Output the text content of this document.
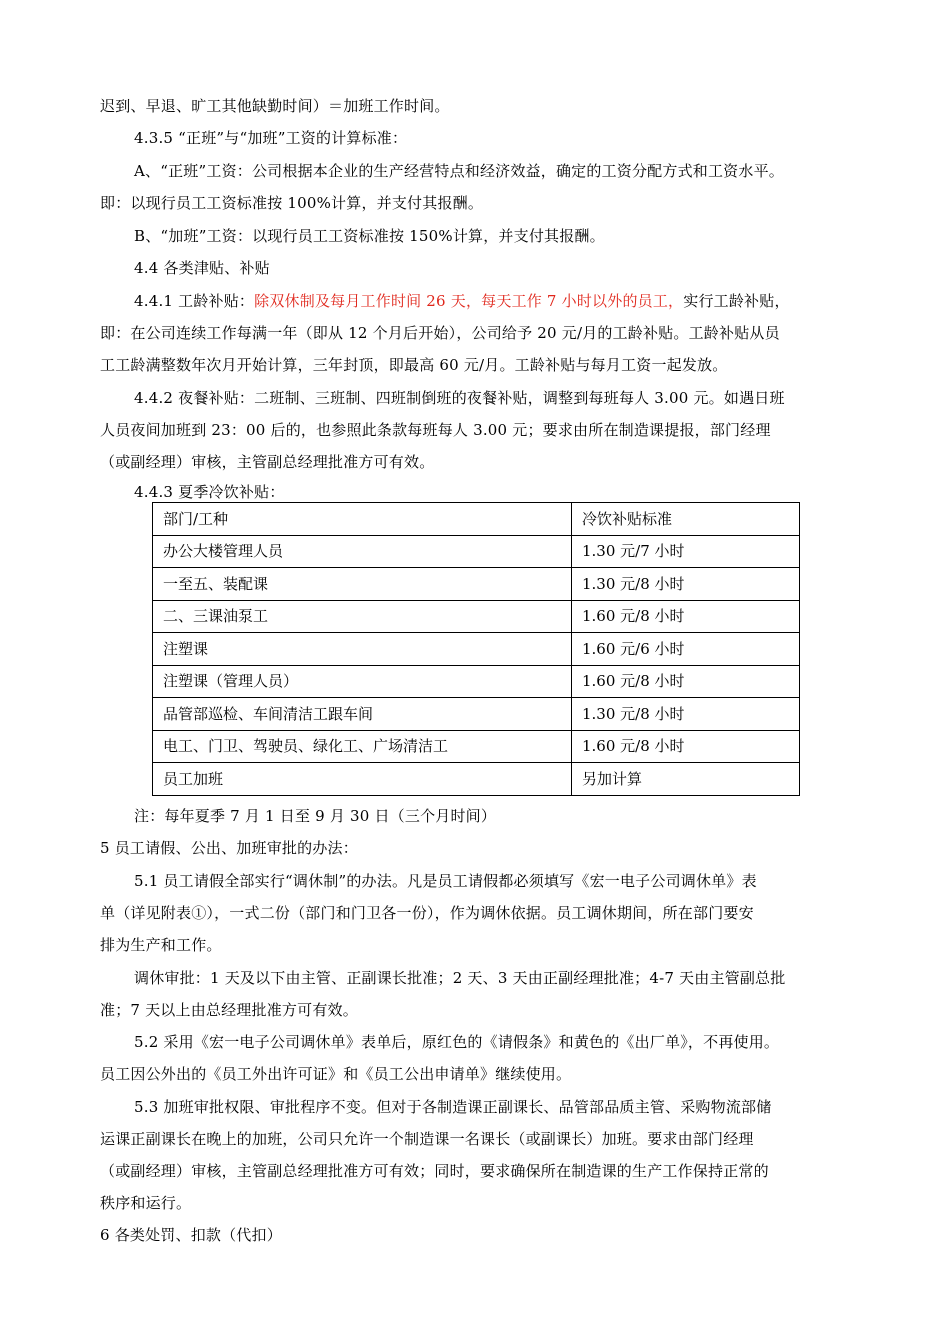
迟到、早退、旷工其他缺勤时间）＝加班工作时间。
4.3.5 “正班”与“加班”工资的计算标准：
A、“正班”工资：公司根据本企业的生产经营特点和经济效益，确定的工资分配方式和工资水平。
即：以现行员工工资标准按 100%计算，并支付其报酬。
B、“加班”工资：以现行员工工资标准按 150%计算，并支付其报酬。
4.4 各类津贴、补贴
4.4.1 工龄补贴：除双休制及每月工作时间 26 天，每天工作 7 小时以外的员工，实行工龄补贴，
即：在公司连续工作每满一年（即从 12 个月后开始），公司给予 20 元/月的工龄补贴。工龄补贴从员
工工龄满整数年次月开始计算，三年封顶，即最高 60 元/月。工龄补贴与每月工资一起发放。
4.4.2 夜餐补贴：二班制、三班制、四班制倒班的夜餐补贴，调整到每班每人 3.00 元。如遇日班
人员夜间加班到 23：00 后的，也参照此条款每班每人 3.00 元；要求由所在制造课提报，部门经理
（或副经理）审核，主管副总经理批准方可有效。
4.4.3 夏季冷饮补贴：
部门/工种	冷饮补贴标准
办公大楼管理人员	1.30 元/7 小时
一至五、装配课	1.30 元/8 小时
二、三课油泵工	1.60 元/8 小时
注塑课	1.60 元/6 小时
注塑课（管理人员）	1.60 元/8 小时
品管部巡检、车间清洁工跟车间	1.30 元/8 小时
电工、门卫、驾驶员、绿化工、广场清洁工	1.60 元/8 小时
员工加班	另加计算
注：每年夏季 7 月 1 日至 9 月 30 日（三个月时间）
5 员工请假、公出、加班审批的办法：
5.1 员工请假全部实行“调休制”的办法。凡是员工请假都必须填写《宏一电子公司调休单》表
单（详见附表①），一式二份（部门和门卫各一份），作为调休依据。员工调休期间，所在部门要安
排为生产和工作。
调休审批：1 天及以下由主管、正副课长批准；2 天、3 天由正副经理批准；4-7 天由主管副总批
准；7 天以上由总经理批准方可有效。
5.2 采用《宏一电子公司调休单》表单后，原红色的《请假条》和黄色的《出厂单》，不再使用。
员工因公外出的《员工外出许可证》和《员工公出申请单》继续使用。
5.3 加班审批权限、审批程序不变。但对于各制造课正副课长、品管部品质主管、采购物流部储
运课正副课长在晚上的加班，公司只允许一个制造课一名课长（或副课长）加班。要求由部门经理
（或副经理）审核，主管副总经理批准方可有效；同时，要求确保所在制造课的生产工作保持正常的
秩序和运行。
6 各类处罚、扣款（代扣）
